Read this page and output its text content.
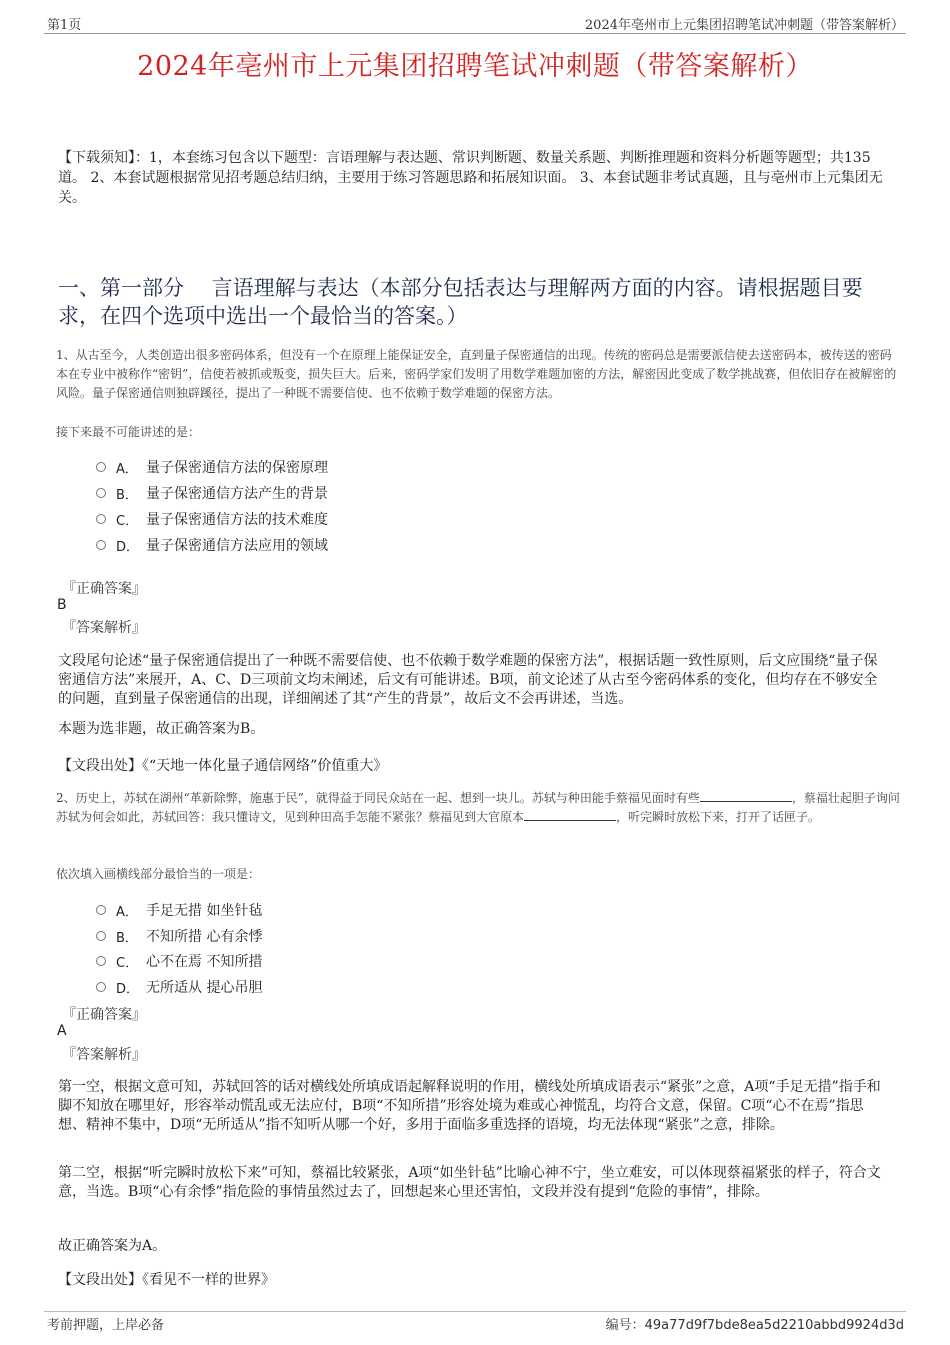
第1页	2024年亳州市上元集团招聘笔试冲刺题（带答案解析）
2024年亳州市上元集团招聘笔试冲刺题（带答案解析）
【下载须知】：1，本套练习包含以下题型：言语理解与表达题、常识判断题、数量关系题、判断推理题和资料分析题等题型；共135道。 2、本套试题根据常见招考题总结归纳，主要用于练习答题思路和拓展知识面。 3、本套试题非考试真题，且与亳州市上元集团无关。
一、第一部分　 言语理解与表达（本部分包括表达与理解两方面的内容。请根据题目要求，在四个选项中选出一个最恰当的答案。）
1、从古至今，人类创造出很多密码体系，但没有一个在原理上能保证安全，直到量子保密通信的出现。传统的密码总是需要派信使去送密码本，被传送的密码本在专业中被称作“密钥”，信使若被抓或叛变，损失巨大。后来，密码学家们发明了用数学难题加密的方法，解密因此变成了数学挑战赛，但依旧存在被解密的风险。量子保密通信则独辟蹊径，提出了一种既不需要信使、也不依赖于数学难题的保密方法。
接下来最不可能讲述的是：
A． 量子保密通信方法的保密原理
B． 量子保密通信方法产生的背景
C． 量子保密通信方法的技术难度
D． 量子保密通信方法应用的领域
『正确答案』
B
『答案解析』
文段尾句论述“量子保密通信提出了一种既不需要信使、也不依赖于数学难题的保密方法”，根据话题一致性原则，后文应围绕“量子保密通信方法”来展开，A、C、D三项前文均未阐述，后文有可能讲述。B项，前文论述了从古至今密码体系的变化，但均存在不够安全的问题，直到量子保密通信的出现，详细阐述了其“产生的背景”，故后文不会再讲述，当选。
本题为选非题，故正确答案为B。
【文段出处】《“天地一体化量子通信网络”价值重大》
2、历史上，苏轼在湖州“革新除弊，施惠于民”，就得益于同民众站在一起、想到一块儿。苏轼与种田能手蔡福见面时有些	，蔡福壮起胆子询问苏轼为何会如此，苏轼回答：我只懂诗文，见到种田高手怎能不紧张？蔡福见到大官原本	，听完瞬时放松下来，打开了话匣子。
依次填入画横线部分最恰当的一项是：
A． 手足无措 如坐针毡
B． 不知所措 心有余悸
C． 心不在焉 不知所措
D． 无所适从 提心吊胆
『正确答案』
A
『答案解析』
第一空，根据文意可知，苏轼回答的话对横线处所填成语起解释说明的作用，横线处所填成语表示“紧张”之意，A项“手足无措”指手和脚不知放在哪里好，形容举动慌乱或无法应付，B项“不知所措”形容处境为难或心神慌乱，均符合文意，保留。C项“心不在焉”指思想、精神不集中，D项“无所适从”指不知听从哪一个好，多用于面临多重选择的语境，均无法体现“紧张”之意，排除。
第二空，根据“听完瞬时放松下来”可知，蔡福比较紧张，A项“如坐针毡”比喻心神不宁，坐立难安，可以体现蔡福紧张的样子，符合文意，当选。B项“心有余悸”指危险的事情虽然过去了，回想起来心里还害怕，文段并没有提到“危险的事情”，排除。
故正确答案为A。
【文段出处】《看见不一样的世界》
考前押题，上岸必备	编号：49a77d9f7bde8ea5d2210abbd9924d3d
